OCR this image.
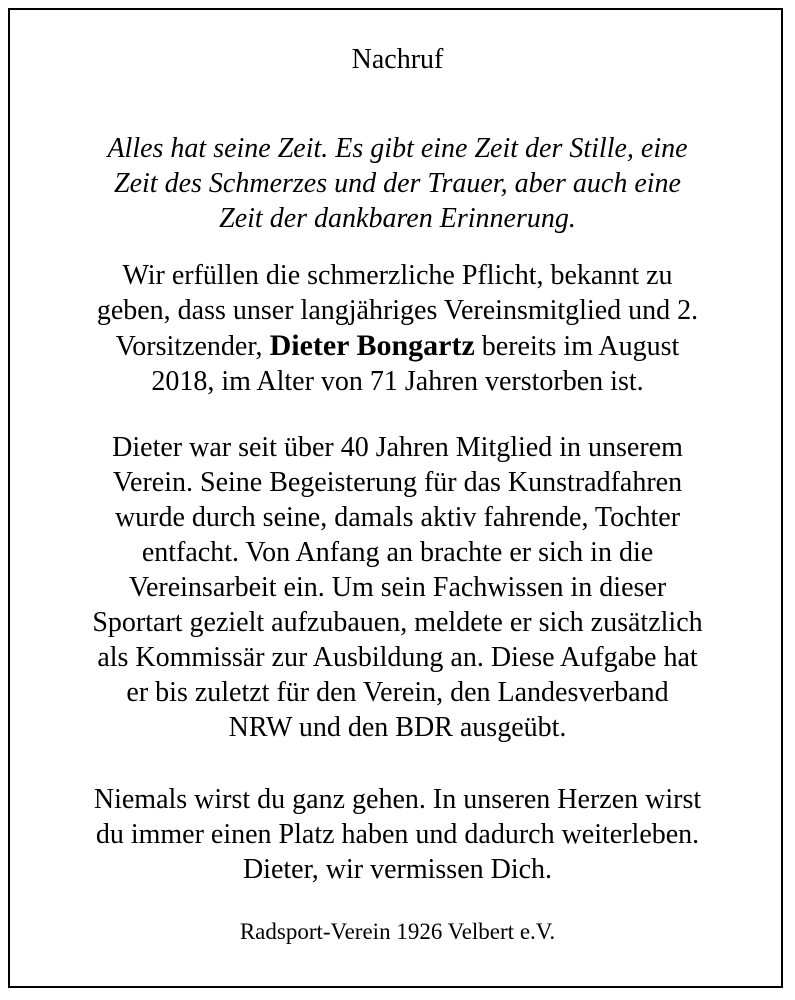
Nachruf
Alles hat seine Zeit. Es gibt eine Zeit der Stille, eine
Zeit des Schmerzes und der Trauer, aber auch eine
Zeit der dankbaren Erinnerung.
Wir erfüllen die schmerzliche Pflicht, bekannt zu
geben, dass unser langjähriges Vereinsmitglied und 2.
Vorsitzender, Dieter Bongartz bereits im August
2018, im Alter von 71 Jahren verstorben ist.
Dieter war seit über 40 Jahren Mitglied in unserem
Verein. Seine Begeisterung für das Kunstradfahren
wurde durch seine, damals aktiv fahrende, Tochter
entfacht. Von Anfang an brachte er sich in die
Vereinsarbeit ein. Um sein Fachwissen in dieser
Sportart gezielt aufzubauen, meldete er sich zusätzlich
als Kommissär zur Ausbildung an. Diese Aufgabe hat
er bis zuletzt für den Verein, den Landesverband
NRW und den BDR ausgeübt.
Niemals wirst du ganz gehen. In unseren Herzen wirst
du immer einen Platz haben und dadurch weiterleben.
Dieter, wir vermissen Dich.
Radsport-Verein 1926 Velbert e.V.
